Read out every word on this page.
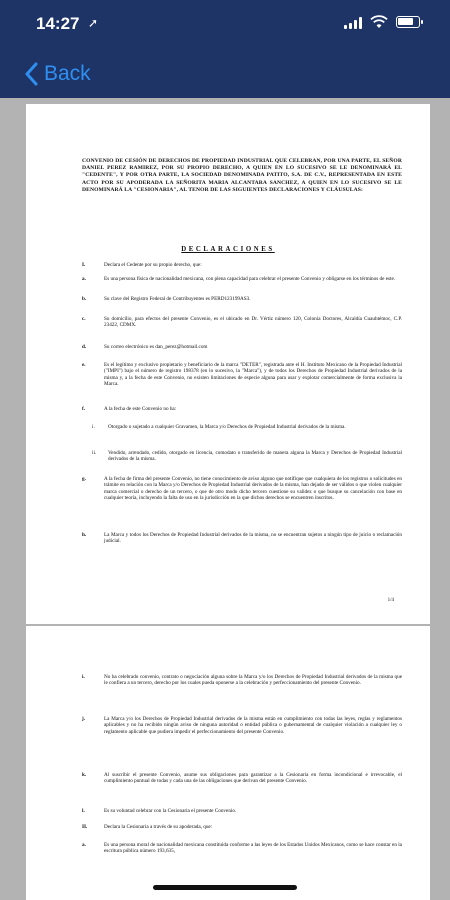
14:27 ➚
Back
CONVENIO DE CESIÓN DE DERECHOS DE PROPIEDAD INDUSTRIAL QUE CELEBRAN, POR UNA PARTE, EL SEÑOR DANIEL PEREZ RAMIREZ, POR SU PROPIO DERECHO, A QUIEN EN LO SUCESIVO SE LE DENOMINARÁ EL "CEDENTE", Y POR OTRA PARTE, LA SOCIEDAD DENOMINADA PATITO, S.A. DE C.V., REPRESENTADA EN ESTE ACTO POR SU APODERADA LA SEÑORITA MARIA ALCANTARA SANCHEZ, A QUIEN EN LO SUCESIVO SE LE DENOMINARÁ LA "CESIONARIA", AL TENOR DE LAS SIGUIENTES DECLARACIONES Y CLÁUSULAS:
DECLARACIONES
I.	Declara el Cedente por su propio derecho, que:
a.	Es una persona física de nacionalidad mexicana, con plena capacidad para celebrar el presente Convenio y obligarse en los términos de este.
b.	Su clave del Registro Federal de Contribuyentes es PERD123199AS3.
c.	Su domicilio, para efectos del presente Convenio, es el ubicado en Dr. Vértiz número 120, Colonia Doctores, Alcaldía Cuauhtémoc, C.P. 23422, CDMX.
d.	Su correo electrónico es dan_perez@hotmail.com
e.	Es el legítimo y exclusivo propietario y beneficiario de la marca "DETER", registrada ante el H. Instituto Mexicano de la Propiedad Industrial ("IMPI") bajo el número de registro 198378 (en lo sucesivo, la "Marca"), y de todos los Derechos de Propiedad Industrial derivados de la misma y, a la fecha de este Convenio, no existen limitaciones de especie alguna para usar y explotar comercialmente de forma exclusiva la Marca.
f.	A la fecha de este Convenio no ha:
i.	Otorgado o sujetado a cualquier Gravamen, la Marca y/o Derechos de Propiedad Industrial derivados de la misma.
ii. Vendido, arrendado, cedido, otorgado en licencia, comodato o transferido de manera alguna la Marca y Derechos de Propiedad Industrial derivados de la misma.
g.	A la fecha de firma del presente Convenio, no tiene conocimiento de aviso alguno que notifique que cualquiera de los registros o solicitudes en trámite en relación con la Marca y/o Derechos de Propiedad Industrial derivados de la misma, han dejado de ser válidos o que violen cualquier marca comercial o derecho de un tercero, o que de otro modo dicho tercero cuestione su validez o que busque su cancelación con base en cualquier teoría, incluyendo la falta de uso en la jurisdicción en la que dichos derechos se encuentren inscritos.
h.	La Marca y todos los Derechos de Propiedad Industrial derivados de la misma, no se encuentran sujetos a ningún tipo de juicio o reclamación judicial.
1/4
i.	No ha celebrado convenio, contrato o negociación alguna sobre la Marca y/o los Derechos de Propiedad Industrial derivados de la misma que le confiera a un tercero, derecho por los cuales pueda oponerse a la celebración y perfeccionamiento del presente Convenio.
j.	La Marca y/o los Derechos de Propiedad Industrial derivados de la misma están en cumplimiento con todas las leyes, reglas y reglamentos aplicables y no ha recibido ningún aviso de ninguna autoridad o entidad pública o gubernamental de cualquier violación a cualquier ley o reglamento aplicable que pudiera impedir el perfeccionamiento del presente Convenio.
k.	Al suscribir el presente Convenio, asume sus obligaciones para garantizar a la Cesionaria en forma incondicional e irrevocable, el cumplimiento puntual de todas y cada una de las obligaciones que derivan del presente Convenio.
l.	Es su voluntad celebrar con la Cesionaria el presente Convenio.
II.	Declara la Cesionaria a través de su apoderada, que:
a.	Es una persona moral de nacionalidad mexicana constituida conforme a las leyes de los Estados Unidos Mexicanos, como se hace constar en la escritura pública número 193,635,
